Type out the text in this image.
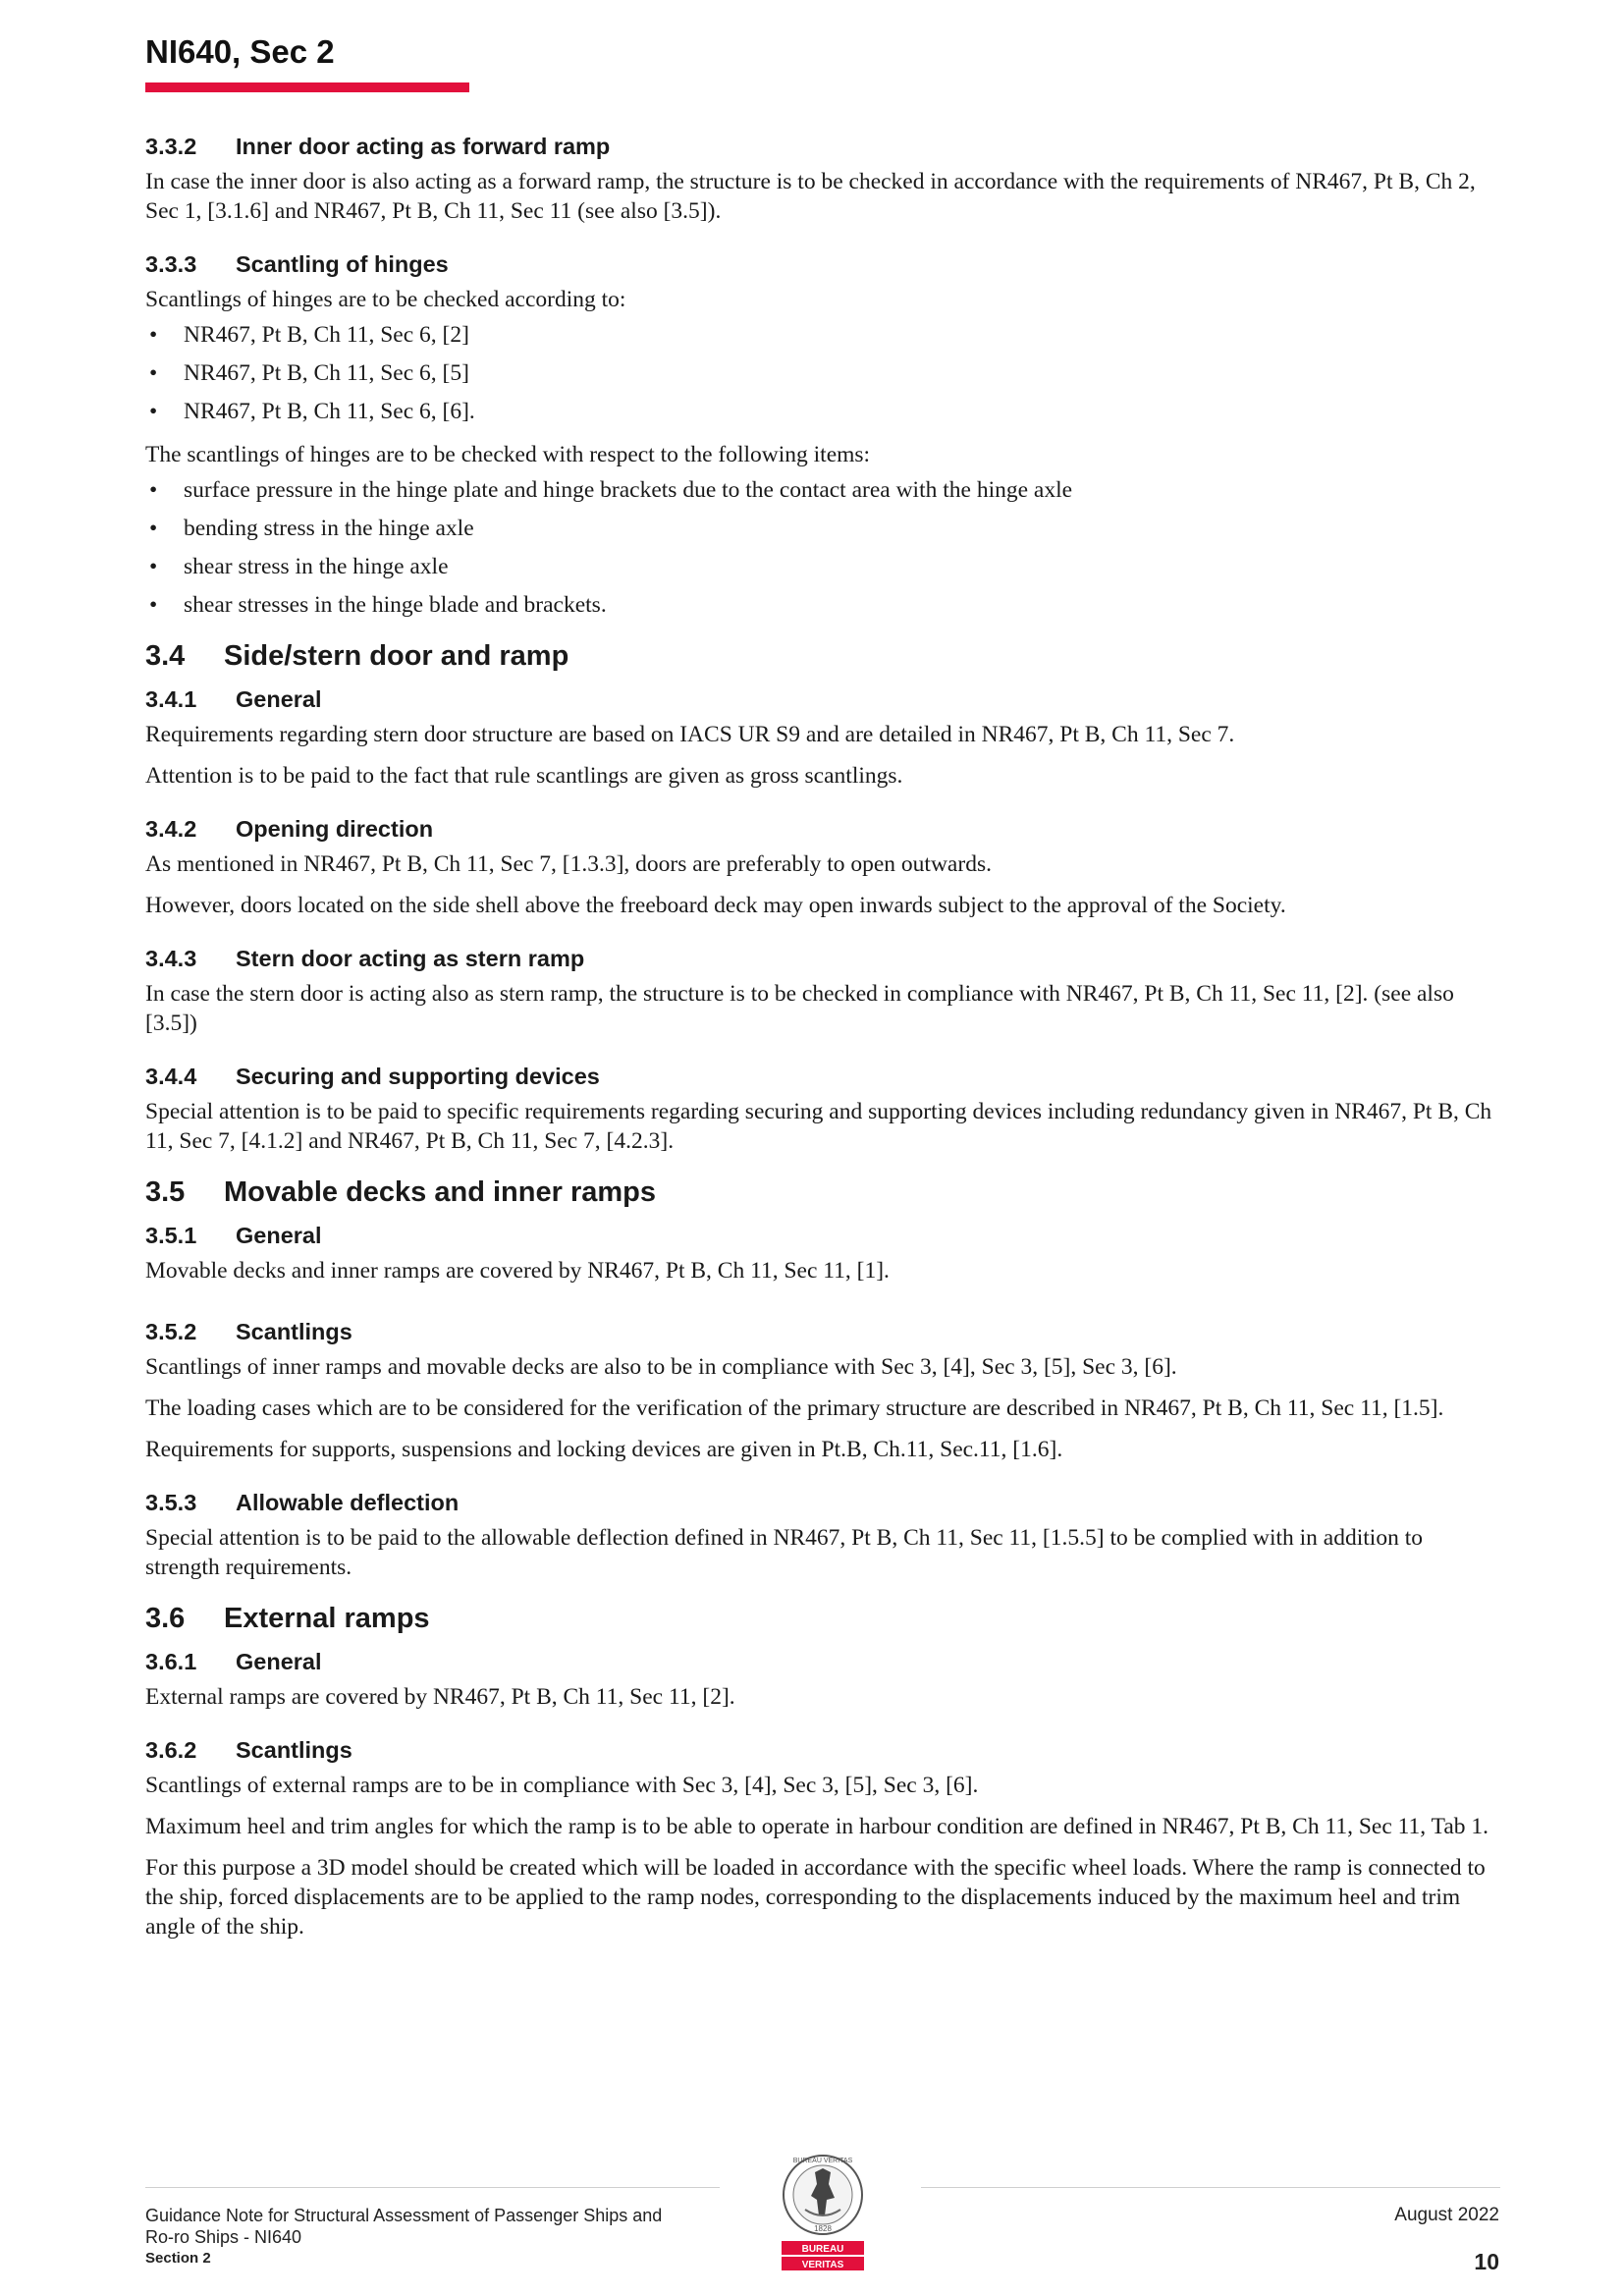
NI640, Sec 2
3.3.2 Inner door acting as forward ramp

In case the inner door is also acting as a forward ramp, the structure is to be checked in accordance with the requirements of NR467, Pt B, Ch 2, Sec 1, [3.1.6] and NR467, Pt B, Ch 11, Sec 11 (see also [3.5]).

3.3.3 Scantling of hinges

Scantlings of hinges are to be checked according to:

• NR467, Pt B, Ch 11, Sec 6, [2]
• NR467, Pt B, Ch 11, Sec 6, [5]
• NR467, Pt B, Ch 11, Sec 6, [6].

The scantlings of hinges are to be checked with respect to the following items:

• surface pressure in the hinge plate and hinge brackets due to the contact area with the hinge axle
• bending stress in the hinge axle
• shear stress in the hinge axle
• shear stresses in the hinge blade and brackets.
3.4 Side/stern door and ramp
3.4.1 General

Requirements regarding stern door structure are based on IACS UR S9 and are detailed in NR467, Pt B, Ch 11, Sec 7.

Attention is to be paid to the fact that rule scantlings are given as gross scantlings.

3.4.2 Opening direction

As mentioned in NR467, Pt B, Ch 11, Sec 7, [1.3.3], doors are preferably to open outwards.

However, doors located on the side shell above the freeboard deck may open inwards subject to the approval of the Society.

3.4.3 Stern door acting as stern ramp

In case the stern door is acting also as stern ramp, the structure is to be checked in compliance with NR467, Pt B, Ch 11, Sec 11, [2]. (see also [3.5])

3.4.4 Securing and supporting devices

Special attention is to be paid to specific requirements regarding securing and supporting devices including redundancy given in NR467, Pt B, Ch 11, Sec 7, [4.1.2] and NR467, Pt B, Ch 11, Sec 7, [4.2.3].

3.5 Movable decks and inner ramps
3.5.1 General

Movable decks and inner ramps are covered by NR467, Pt B, Ch 11, Sec 11, [1].

3.5.2 Scantlings

Scantlings of inner ramps and movable decks are also to be in compliance with Sec 3, [4], Sec 3, [5], Sec 3, [6].

The loading cases which are to be considered for the verification of the primary structure are described in NR467, Pt B, Ch 11, Sec 11, [1.5].

Requirements for supports, suspensions and locking devices are given in Pt.B, Ch.11, Sec.11, [1.6].

3.5.3 Allowable deflection

Special attention is to be paid to the allowable deflection defined in NR467, Pt B, Ch 11, Sec 11, [1.5.5] to be complied with in addition to strength requirements.

3.6 External ramps
3.6.1 General

External ramps are covered by NR467, Pt B, Ch 11, Sec 11, [2].

3.6.2 Scantlings

Scantlings of external ramps are to be in compliance with Sec 3, [4], Sec 3, [5], Sec 3, [6].

Maximum heel and trim angles for which the ramp is to be able to operate in harbour condition are defined in NR467, Pt B, Ch 11, Sec 11, Tab 1.

For this purpose a 3D model should be created which will be loaded in accordance with the specific wheel loads. Where the ramp is connected to the ship, forced displacements are to be applied to the ramp nodes, corresponding to the displacements induced by the maximum heel and trim angle of the ship.

Guidance Note for Structural Assessment of Passenger Ships and
Ro-ro Ships - NI640
Section 2
BUREAU VERITAS
1828
BUREAU
VERITAS
August 2022
10
